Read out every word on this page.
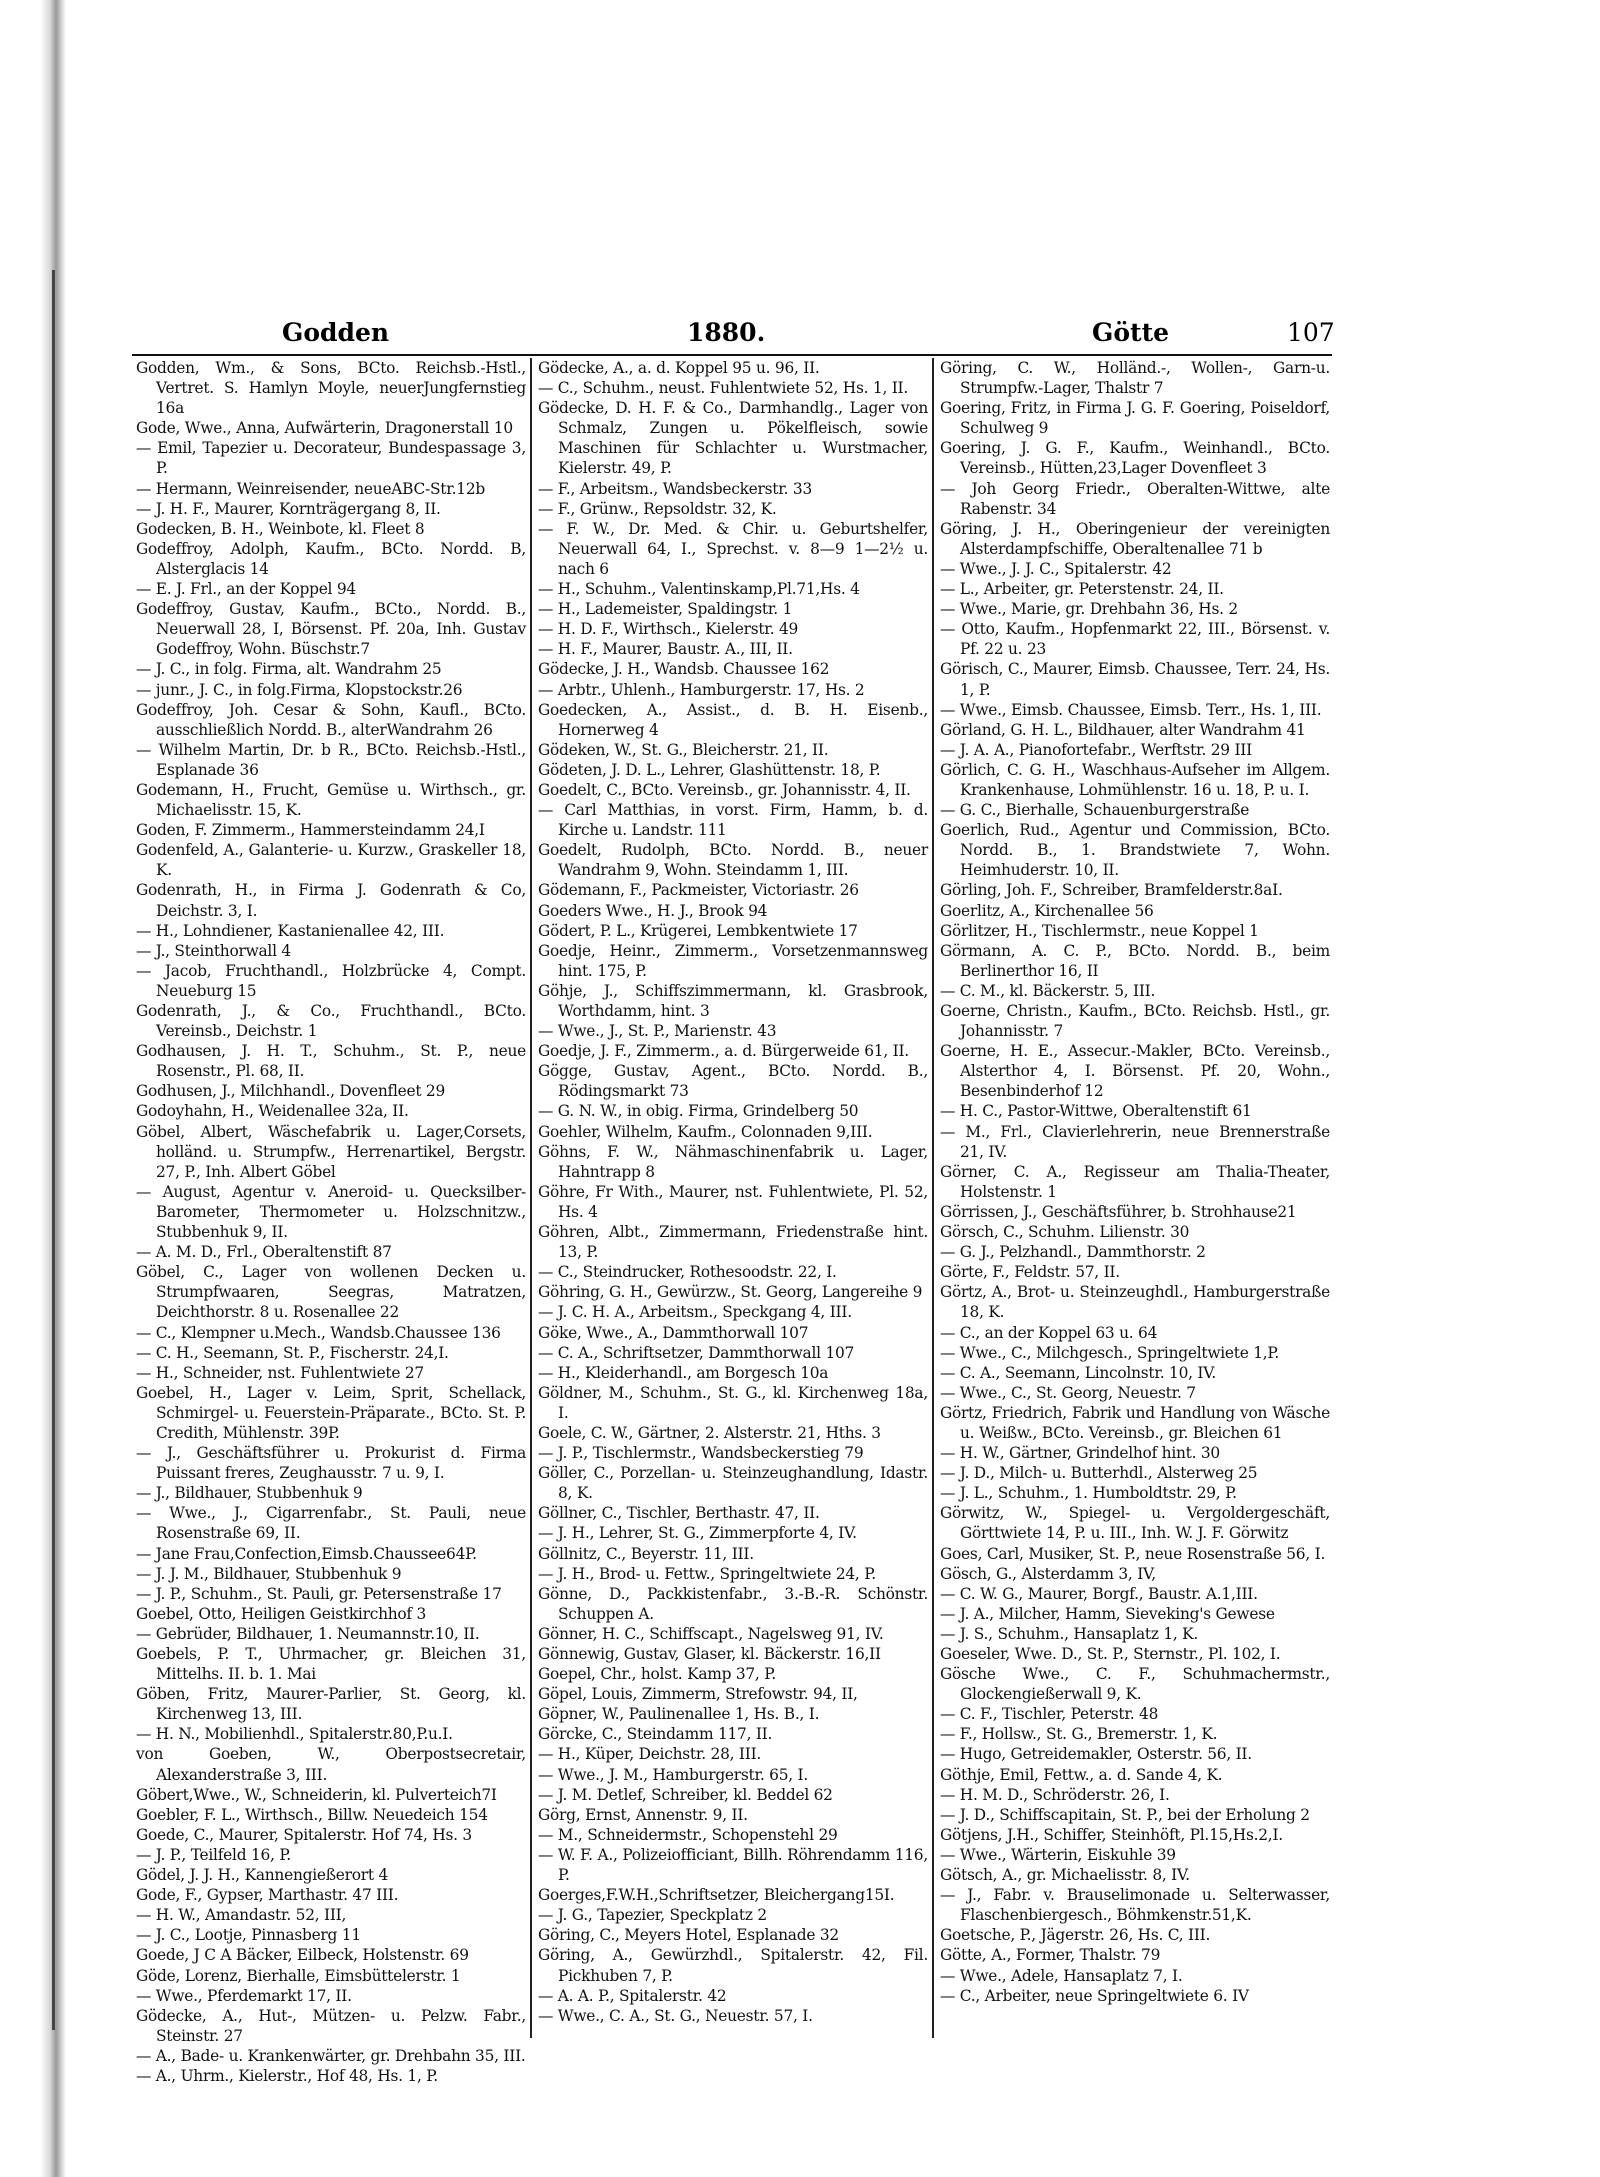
Godden	1880.	Götte	107

Godden, Wm., & Sons, BCto. Reichsb.-Hstl., Vertret. S. Hamlyn Moyle, neuerJungfernstieg 16a

Gode, Wwe., Anna, Aufwärterin, Dragonerstall 10

— Emil, Tapezier u. Decorateur, Bundespassage 3, P.

— Hermann, Weinreisender, neueABC-Str.12b

— J. H. F., Maurer, Kornträgergang 8, II.

Godecken, B. H., Weinbote, kl. Fleet 8

Godeffroy, Adolph, Kaufm., BCto. Nordd. B, Alsterglacis 14

— E. J. Frl., an der Koppel 94

Godeffroy, Gustav, Kaufm., BCto., Nordd. B., Neuerwall 28, I, Börsenst. Pf. 20a, Inh. Gustav Godeffroy, Wohn. Büschstr.7

— J. C., in folg. Firma, alt. Wandrahm 25

— junr., J. C., in folg.Firma, Klopstockstr.26

Godeffroy, Joh. Cesar & Sohn, Kaufl., BCto. ausschließlich Nordd. B., alterWandrahm 26

— Wilhelm Martin, Dr. b R., BCto. Reichsb.-Hstl., Esplanade 36

Godemann, H., Frucht, Gemüse u. Wirthsch., gr. Michaelisstr. 15, K.

Goden, F. Zimmerm., Hammersteindamm 24,I

Godenfeld, A., Galanterie- u. Kurzw., Graskeller 18, K.

Godenrath, H., in Firma J. Godenrath & Co, Deichstr. 3, I.

— H., Lohndiener, Kastanienallee 42, III.

— J., Steinthorwall 4

— Jacob, Fruchthandl., Holzbrücke 4, Compt. Neueburg 15

Godenrath, J., & Co., Fruchthandl., BCto. Vereinsb., Deichstr. 1

Godhausen, J. H. T., Schuhm., St. P., neue Rosenstr., Pl. 68, II.

Godhusen, J., Milchhandl., Dovenfleet 29

Godoyhahn, H., Weidenallee 32a, II.

Göbel, Albert, Wäschefabrik u. Lager,Corsets, holländ. u. Strumpfw., Herrenartikel, Bergstr. 27, P., Inh. Albert Göbel

— August, Agentur v. Aneroid- u. Quecksilber-Barometer, Thermometer u. Holzschnitzw., Stubbenhuk 9, II.

— A. M. D., Frl., Oberaltenstift 87

Göbel, C., Lager von wollenen Decken u. Strumpfwaaren, Seegras, Matratzen, Deichthorstr. 8 u. Rosenallee 22

— C., Klempner u.Mech., Wandsb.Chaussee 136

— C. H., Seemann, St. P., Fischerstr. 24,I.

— H., Schneider, nst. Fuhlentwiete 27

Goebel, H., Lager v. Leim, Sprit, Schellack, Schmirgel- u. Feuerstein-Präparate., BCto. St. P. Credith, Mühlenstr. 39P.

— J., Geschäftsführer u. Prokurist d. Firma Puissant freres, Zeughausstr. 7 u. 9, I.

— J., Bildhauer, Stubbenhuk 9

— Wwe., J., Cigarrenfabr., St. Pauli, neue Rosenstraße 69, II.

— Jane Frau,Confection,Eimsb.Chaussee64P.

— J. J. M., Bildhauer, Stubbenhuk 9

— J. P., Schuhm., St. Pauli, gr. Petersenstraße 17

Goebel, Otto, Heiligen Geistkirchhof 3

— Gebrüder, Bildhauer, 1. Neumannstr.10, II.

Goebels, P. T., Uhrmacher, gr. Bleichen 31, Mittelhs. II. b. 1. Mai

Göben, Fritz, Maurer-Parlier, St. Georg, kl. Kirchenweg 13, III.

— H. N., Mobilienhdl., Spitalerstr.80,P.u.I.

von Goeben, W., Oberpostsecretair, Alexanderstraße 3, III.

Göbert,Wwe., W., Schneiderin, kl. Pulverteich7I

Goebler, F. L., Wirthsch., Billw. Neuedeich 154

Goede, C., Maurer, Spitalerstr. Hof 74, Hs. 3

— J. P., Teilfeld 16, P.

Gödel, J. J. H., Kannengießerort 4

Gode, F., Gypser, Marthastr. 47 III.

— H. W., Amandastr. 52, III,

— J. C., Lootje, Pinnasberg 11

Goede, J C A Bäcker, Eilbeck, Holstenstr. 69

Göde, Lorenz, Bierhalle, Eimsbüttelerstr. 1

— Wwe., Pferdemarkt 17, II.

Gödecke, A., Hut-, Mützen- u. Pelzw. Fabr., Steinstr. 27

— A., Bade- u. Krankenwärter, gr. Drehbahn 35, III.

— A., Uhrm., Kielerstr., Hof 48, Hs. 1, P.

Gödecke, A., a. d. Koppel 95 u. 96, II.

— C., Schuhm., neust. Fuhlentwiete 52, Hs. 1, II.

Gödecke, D. H. F. & Co., Darmhandlg., Lager von Schmalz, Zungen u. Pökelfleisch, sowie Maschinen für Schlachter u. Wurstmacher, Kielerstr. 49, P.

— F., Arbeitsm., Wandsbeckerstr. 33

— F., Grünw., Repsoldstr. 32, K.

— F. W., Dr. Med. & Chir. u. Geburtshelfer, Neuerwall 64, I., Sprechst. v. 8—9 1—2½ u. nach 6

— H., Schuhm., Valentinskamp,Pl.71,Hs. 4

— H., Lademeister, Spaldingstr. 1

— H. D. F., Wirthsch., Kielerstr. 49

— H. F., Maurer, Baustr. A., III, II.

Gödecke, J. H., Wandsb. Chaussee 162

— Arbtr., Uhlenh., Hamburgerstr. 17, Hs. 2

Goedecken, A., Assist., d. B. H. Eisenb., Hornerweg 4

Gödeken, W., St. G., Bleicherstr. 21, II.

Gödeten, J. D. L., Lehrer, Glashüttenstr. 18, P.

Goedelt, C., BCto. Vereinsb., gr. Johannisstr. 4, II.

— Carl Matthias, in vorst. Firm, Hamm, b. d. Kirche u. Landstr. 111

Goedelt, Rudolph, BCto. Nordd. B., neuer Wandrahm 9, Wohn. Steindamm 1, III.

Gödemann, F., Packmeister, Victoriastr. 26

Goeders Wwe., H. J., Brook 94

Gödert, P. L., Krügerei, Lembkentwiete 17

Goedje, Heinr., Zimmerm., Vorsetzenmannsweg hint. 175, P.

Göhje, J., Schiffszimmermann, kl. Grasbrook, Worthdamm, hint. 3

— Wwe., J., St. P., Marienstr. 43

Goedje, J. F., Zimmerm., a. d. Bürgerweide 61, II.

Gögge, Gustav, Agent., BCto. Nordd. B., Rödingsmarkt 73

— G. N. W., in obig. Firma, Grindelberg 50

Goehler, Wilhelm, Kaufm., Colonnaden 9,III.

Göhns, F. W., Nähmaschinenfabrik u. Lager, Hahntrapp 8

Göhre, Fr With., Maurer, nst. Fuhlentwiete, Pl. 52, Hs. 4

Göhren, Albt., Zimmermann, Friedenstraße hint. 13, P.

— C., Steindrucker, Rothesoodstr. 22, I.

Göhring, G. H., Gewürzw., St. Georg, Langereihe 9

— J. C. H. A., Arbeitsm., Speckgang 4, III.

Göke, Wwe., A., Dammthorwall 107

— C. A., Schriftsetzer, Dammthorwall 107

— H., Kleiderhandl., am Borgesch 10a

Göldner, M., Schuhm., St. G., kl. Kirchenweg 18a, I.

Goele, C. W., Gärtner, 2. Alsterstr. 21, Hths. 3

— J. P., Tischlermstr., Wandsbeckerstieg 79

Göller, C., Porzellan- u. Steinzeughandlung, Idastr. 8, K.

Göllner, C., Tischler, Berthastr. 47, II.

— J. H., Lehrer, St. G., Zimmerpforte 4, IV.

Göllnitz, C., Beyerstr. 11, III.

— J. H., Brod- u. Fettw., Springeltwiete 24, P.

Gönne, D., Packkistenfabr., 3.-B.-R. Schönstr. Schuppen A.

Gönner, H. C., Schiffscapt., Nagelsweg 91, IV.

Gönnewig, Gustav, Glaser, kl. Bäckerstr. 16,II

Goepel, Chr., holst. Kamp 37, P.

Göpel, Louis, Zimmerm, Strefowstr. 94, II,

Göpner, W., Paulinenallee 1, Hs. B., I.

Görcke, C., Steindamm 117, II.

— H., Küper, Deichstr. 28, III.

— Wwe., J. M., Hamburgerstr. 65, I.

— J. M. Detlef, Schreiber, kl. Beddel 62

Görg, Ernst, Annenstr. 9, II.

— M., Schneidermstr., Schopenstehl 29

— W. F. A., Polizeiofficiant, Billh. Röhrendamm 116, P.

Goerges,F.W.H.,Schriftsetzer, Bleichergang15I.

— J. G., Tapezier, Speckplatz 2

Göring, C., Meyers Hotel, Esplanade 32

Göring, A., Gewürzhdl., Spitalerstr. 42, Fil. Pickhuben 7, P.

— A. A. P., Spitalerstr. 42

— Wwe., C. A., St. G., Neuestr. 57, I.

Göring, C. W., Holländ.-, Wollen-, Garn-u. Strumpfw.-Lager, Thalstr 7

Goering, Fritz, in Firma J. G. F. Goering, Poiseldorf, Schulweg 9

Goering, J. G. F., Kaufm., Weinhandl., BCto. Vereinsb., Hütten,23,Lager Dovenfleet 3

— Joh Georg Friedr., Oberalten-Wittwe, alte Rabenstr. 34

Göring, J. H., Oberingenieur der vereinigten Alsterdampfschiffe, Oberaltenallee 71 b

— Wwe., J. J. C., Spitalerstr. 42

— L., Arbeiter, gr. Peterstenstr. 24, II.

— Wwe., Marie, gr. Drehbahn 36, Hs. 2

— Otto, Kaufm., Hopfenmarkt 22, III., Börsenst. v. Pf. 22 u. 23

Görisch, C., Maurer, Eimsb. Chaussee, Terr. 24, Hs. 1, P.

— Wwe., Eimsb. Chaussee, Eimsb. Terr., Hs. 1, III.

Görland, G. H. L., Bildhauer, alter Wandrahm 41

— J. A. A., Pianofortefabr., Werftstr. 29 III

Görlich, C. G. H., Waschhaus-Aufseher im Allgem. Krankenhause, Lohmühlenstr. 16 u. 18, P. u. I.

— G. C., Bierhalle, Schauenburgerstraße

Goerlich, Rud., Agentur und Commission, BCto. Nordd. B., 1. Brandstwiete 7, Wohn. Heimhuderstr. 10, II.

Görling, Joh. F., Schreiber, Bramfelderstr.8aI.

Goerlitz, A., Kirchenallee 56

Görlitzer, H., Tischlermstr., neue Koppel 1

Görmann, A. C. P., BCto. Nordd. B., beim Berlinerthor 16, II

— C. M., kl. Bäckerstr. 5, III.

Goerne, Christn., Kaufm., BCto. Reichsb. Hstl., gr. Johannisstr. 7

Goerne, H. E., Assecur.-Makler, BCto. Vereinsb., Alsterthor 4, I. Börsenst. Pf. 20, Wohn., Besenbinderhof 12

— H. C., Pastor-Wittwe, Oberaltenstift 61

— M., Frl., Clavierlehrerin, neue Brennerstraße 21, IV.

Görner, C. A., Regisseur am Thalia-Theater, Holstenstr. 1

Görrissen, J., Geschäftsführer, b. Strohhause21

Görsch, C., Schuhm. Lilienstr. 30

— G. J., Pelzhandl., Dammthorstr. 2

Görte, F., Feldstr. 57, II.

Görtz, A., Brot- u. Steinzeughdl., Hamburgerstraße 18, K.

— C., an der Koppel 63 u. 64

— Wwe., C., Milchgesch., Springeltwiete 1,P.

— C. A., Seemann, Lincolnstr. 10, IV.

— Wwe., C., St. Georg, Neuestr. 7

Görtz, Friedrich, Fabrik und Handlung von Wäsche u. Weißw., BCto. Vereinsb., gr. Bleichen 61

— H. W., Gärtner, Grindelhof hint. 30

— J. D., Milch- u. Butterhdl., Alsterweg 25

— J. L., Schuhm., 1. Humboldtstr. 29, P.

Görwitz, W., Spiegel- u. Vergoldergeschäft, Görttwiete 14, P. u. III., Inh. W. J. F. Görwitz

Goes, Carl, Musiker, St. P., neue Rosenstraße 56, I.

Gösch, G., Alsterdamm 3, IV,

— C. W. G., Maurer, Borgf., Baustr. A.1,III.

— J. A., Milcher, Hamm, Sieveking's Gewese

— J. S., Schuhm., Hansaplatz 1, K.

Goeseler, Wwe. D., St. P., Sternstr., Pl. 102, I.

Gösche Wwe., C. F., Schuhmachermstr., Glockengießerwall 9, K.

— C. F., Tischler, Peterstr. 48

— F., Hollsw., St. G., Bremerstr. 1, K.

— Hugo, Getreidemakler, Osterstr. 56, II.

Göthje, Emil, Fettw., a. d. Sande 4, K.

— H. M. D., Schröderstr. 26, I.

— J. D., Schiffscapitain, St. P., bei der Erholung 2

Götjens, J.H., Schiffer, Steinhöft, Pl.15,Hs.2,I.

— Wwe., Wärterin, Eiskuhle 39

Götsch, A., gr. Michaelisstr. 8, IV.

— J., Fabr. v. Brauselimonade u. Selterwasser, Flaschenbiergesch., Böhmkenstr.51,K.

Goetsche, P., Jägerstr. 26, Hs. C, III.

Götte, A., Former, Thalstr. 79

— Wwe., Adele, Hansaplatz 7, I.

— C., Arbeiter, neue Springeltwiete 6. IV
